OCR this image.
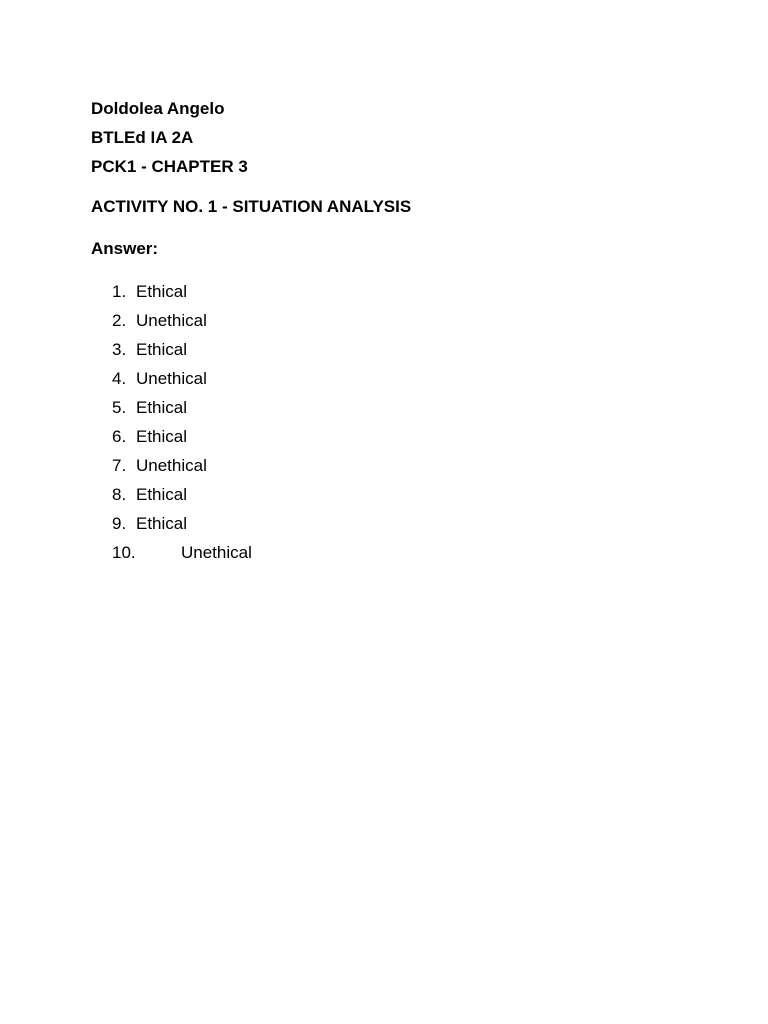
Doldolea Angelo
BTLEd IA 2A
PCK1 - CHAPTER 3
ACTIVITY NO. 1 - SITUATION ANALYSIS
Answer:
1. Ethical
2. Unethical
3. Ethical
4. Unethical
5. Ethical
6. Ethical
7. Unethical
8. Ethical
9. Ethical
10.	Unethical
